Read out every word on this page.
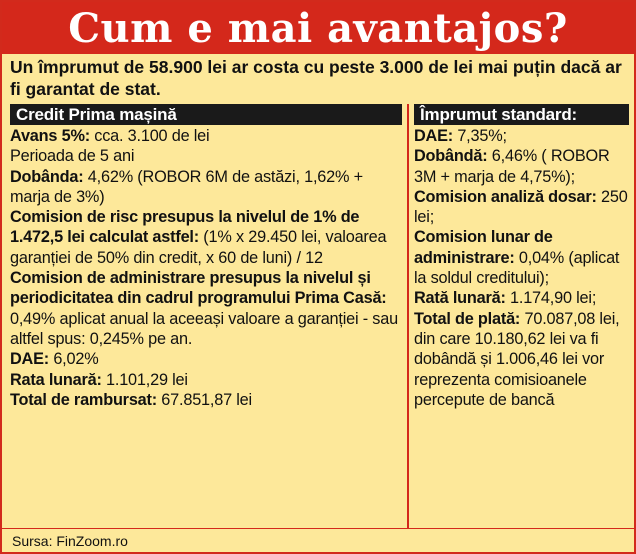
Cum e mai avantajos?
Un împrumut de 58.900 lei ar costa cu peste 3.000 de lei mai puțin dacă ar fi garantat de stat.
Credit Prima mașină
Avans 5%: cca. 3.100 de lei
Perioada de 5 ani
Dobânda: 4,62% (ROBOR 6M de astăzi, 1,62% + marja de 3%)
Comision de risc presupus la nivelul de 1% de 1.472,5 lei calculat astfel: (1% x 29.450 lei, valoarea garanției de 50% din credit, x 60 de luni) / 12
Comision de administrare presupus la nivelul și periodicitatea din cadrul programului Prima Casă: 0,49% aplicat anual la aceeași valoare a garanției - sau altfel spus: 0,245% pe an.
DAE: 6,02%
Rata lunară: 1.101,29 lei
Total de rambursat: 67.851,87 lei
Împrumut standard:
DAE: 7,35%;
Dobândă: 6,46% ( ROBOR 3M + marja de 4,75%);
Comision analiză dosar: 250 lei;
Comision lunar de administrare: 0,04% (aplicat la soldul creditului);
Rată lunară: 1.174,90 lei;
Total de plată: 70.087,08 lei, din care 10.180,62 lei va fi dobândă și 1.006,46 lei vor reprezenta comisioanele percepute de bancă
Sursa: FinZoom.ro
